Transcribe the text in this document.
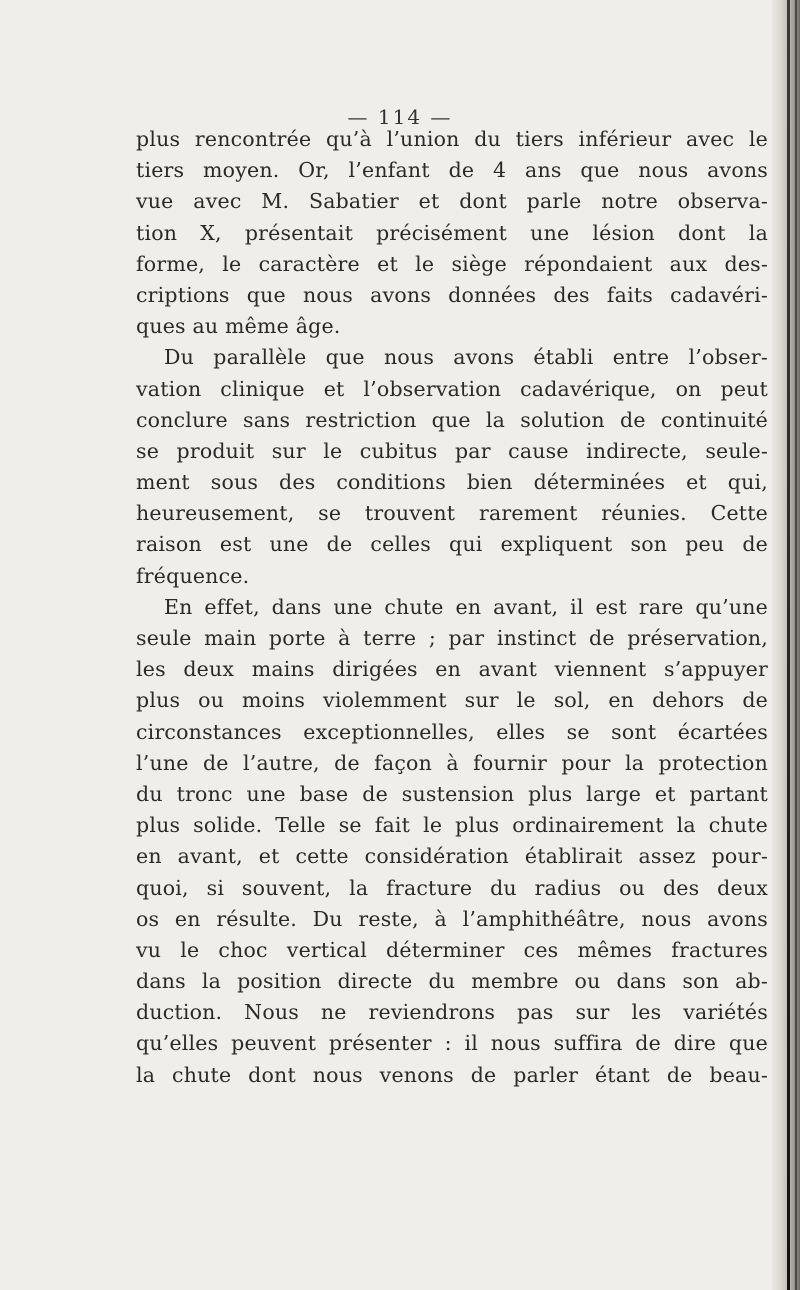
— 114 —
plus rencontrée qu’à l’union du tiers inférieur avec le
tiers moyen. Or, l’enfant de 4 ans que nous avons
vue avec M. Sabatier et dont parle notre observa-
tion X, présentait précisément une lésion dont la
forme, le caractère et le siège répondaient aux des-
criptions que nous avons données des faits cadavéri-
ques au même âge.
Du parallèle que nous avons établi entre l’obser-
vation clinique et l’observation cadavérique, on peut
conclure sans restriction que la solution de continuité
se produit sur le cubitus par cause indirecte, seule-
ment sous des conditions bien déterminées et qui,
heureusement, se trouvent rarement réunies. Cette
raison est une de celles qui expliquent son peu de
fréquence.
En effet, dans une chute en avant, il est rare qu’une
seule main porte à terre ; par instinct de préservation,
les deux mains dirigées en avant viennent s’appuyer
plus ou moins violemment sur le sol, en dehors de
circonstances exceptionnelles, elles se sont écartées
l’une de l’autre, de façon à fournir pour la protection
du tronc une base de sustension plus large et partant
plus solide. Telle se fait le plus ordinairement la chute
en avant, et cette considération établirait assez pour-
quoi, si souvent, la fracture du radius ou des deux
os en résulte. Du reste, à l’amphithéâtre, nous avons
vu le choc vertical déterminer ces mêmes fractures
dans la position directe du membre ou dans son ab-
duction. Nous ne reviendrons pas sur les variétés
qu’elles peuvent présenter : il nous suffira de dire que
la chute dont nous venons de parler étant de beau-
